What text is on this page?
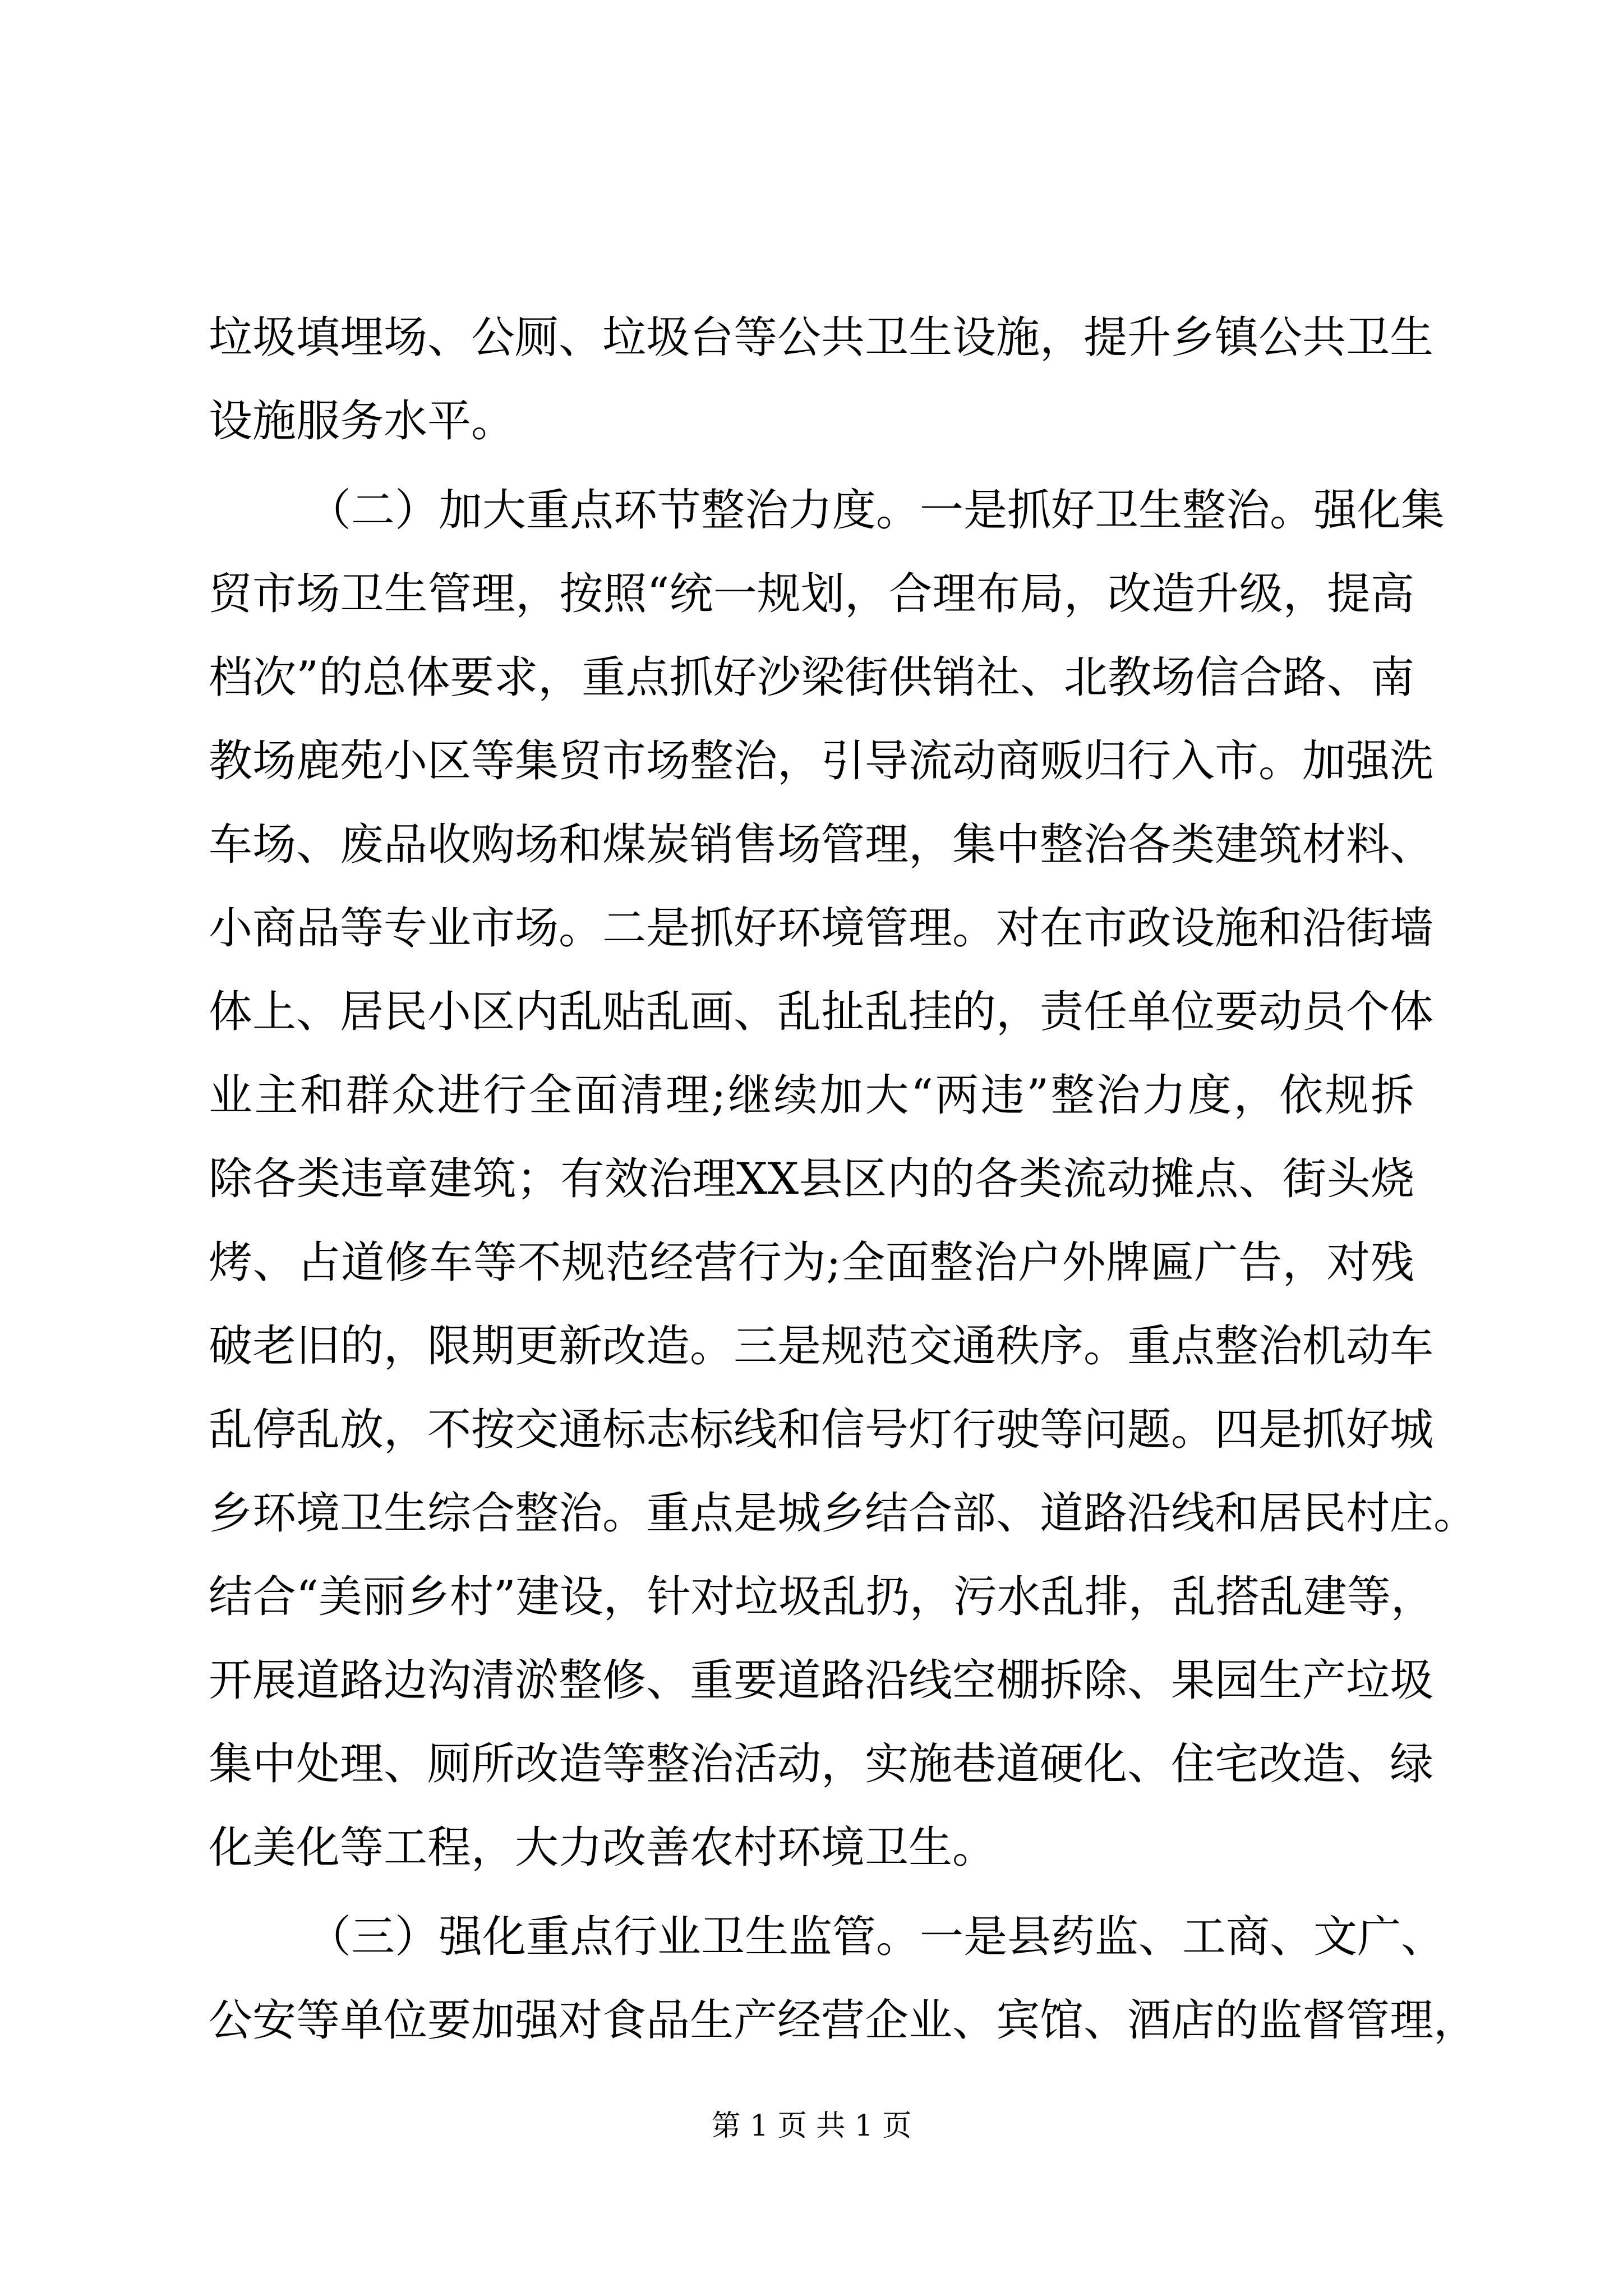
垃圾填埋场、公厕、垃圾台等公共卫生设施，提升乡镇公共卫生
设施服务水平。
（二）加大重点环节整治力度。一是抓好卫生整治。强化集
贸市场卫生管理，按照“统一规划，合理布局，改造升级，提高
档次”的总体要求，重点抓好沙梁街供销社、北教场信合路、南
教场鹿苑小区等集贸市场整治，引导流动商贩归行入市。加强洗
车场、废品收购场和煤炭销售场管理，集中整治各类建筑材料、
小商品等专业市场。二是抓好环境管理。对在市政设施和沿街墙
体上、居民小区内乱贴乱画、乱扯乱挂的，责任单位要动员个体
业主和群众进行全面清理;继续加大“两违”整治力度，依规拆
除各类违章建筑；有效治理XX县区内的各类流动摊点、街头烧
烤、占道修车等不规范经营行为;全面整治户外牌匾广告，对残
破老旧的，限期更新改造。三是规范交通秩序。重点整治机动车
乱停乱放，不按交通标志标线和信号灯行驶等问题。四是抓好城
乡环境卫生综合整治。重点是城乡结合部、道路沿线和居民村庄。
结合“美丽乡村”建设，针对垃圾乱扔，污水乱排，乱搭乱建等，
开展道路边沟清淤整修、重要道路沿线空棚拆除、果园生产垃圾
集中处理、厕所改造等整治活动，实施巷道硬化、住宅改造、绿
化美化等工程，大力改善农村环境卫生。
（三）强化重点行业卫生监管。一是县药监、工商、文广、
公安等单位要加强对食品生产经营企业、宾馆、酒店的监督管理，
第 1 页 共 1 页
